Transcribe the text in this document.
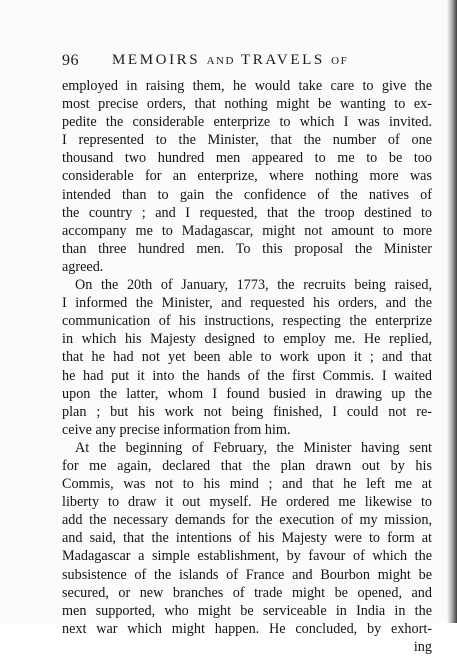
96 MEMOIRS AND TRAVELS OF
employed in raising them, he would take care to give the
most precise orders, that nothing might be wanting to ex-
pedite the considerable enterprize to which I was invited.
I represented to the Minister, that the number of one
thousand two hundred men appeared to me to be too
considerable for an enterprize, where nothing more was
intended than to gain the confidence of the natives of
the country ; and I requested, that the troop destined to
accompany me to Madagascar, might not amount to more
than three hundred men. To this proposal the Minister
agreed.
On the 20th of January, 1773, the recruits being raised,
I informed the Minister, and requested his orders, and the
communication of his instructions, respecting the enterprize
in which his Majesty designed to employ me. He replied,
that he had not yet been able to work upon it ; and that
he had put it into the hands of the first Commis. I waited
upon the latter, whom I found busied in drawing up the
plan ; but his work not being finished, I could not re-
ceive any precise information from him.
At the beginning of February, the Minister having sent
for me again, declared that the plan drawn out by his
Commis, was not to his mind ; and that he left me at
liberty to draw it out myself. He ordered me likewise to
add the necessary demands for the execution of my mission,
and said, that the intentions of his Majesty were to form at
Madagascar a simple establishment, by favour of which the
subsistence of the islands of France and Bourbon might be
secured, or new branches of trade might be opened, and
men supported, who might be serviceable in India in the
next war which might happen. He concluded, by exhort-
ing
